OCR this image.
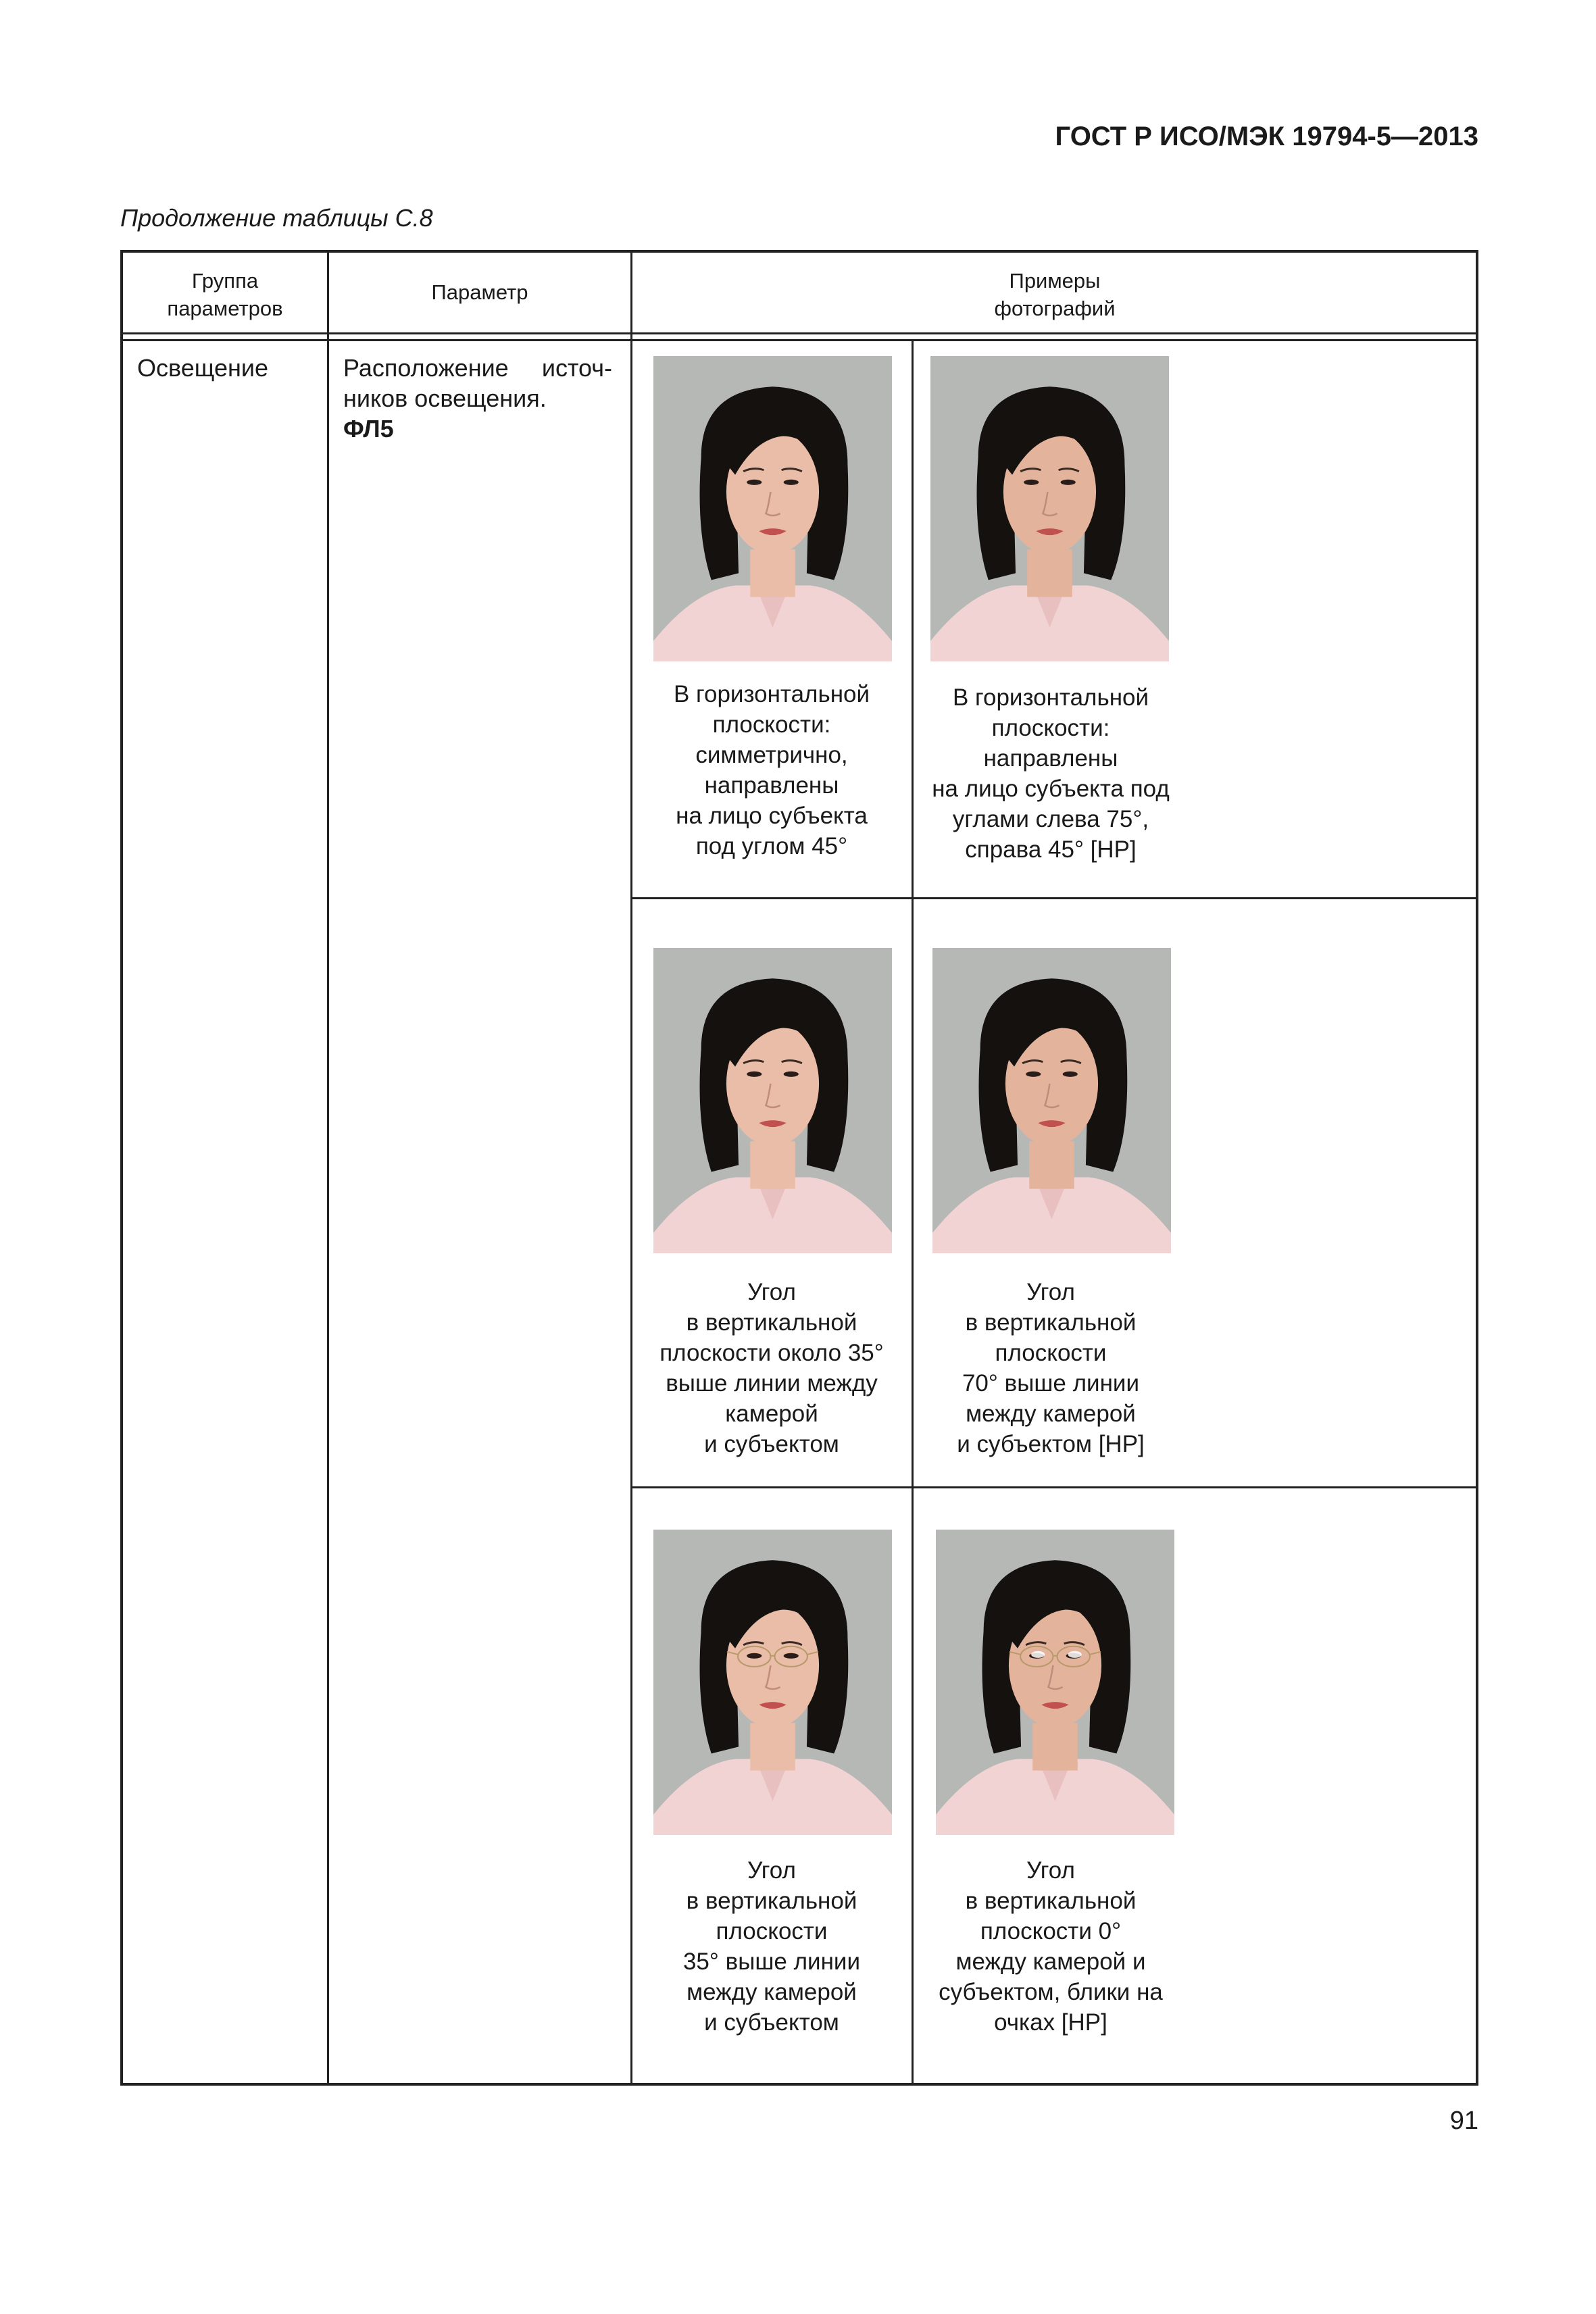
ГОСТ Р ИСО/МЭК 19794-5—2013
Продолжение таблицы С.8
Группа
параметров
Параметр	Примеры
фотографий
Освещение	Расположение источ-ников освещения.
ФЛ5
В горизонтальной
плоскости:
симметрично,
направлены
на лицо субъекта
под углом 45°
В горизонтальной
плоскости:
направлены
на лицо субъекта под
углами слева 75°,
справа 45° [НР]
Угол
в вертикальной
плоскости около 35°
выше линии между
камерой
и субъектом
Угол
в вертикальной
плоскости
70° выше линии
между камерой
и субъектом [НР]
Угол
в вертикальной
плоскости
35° выше линии
между камерой
и субъектом
Угол
в вертикальной
плоскости 0°
между камерой и
субъектом, блики на
очках [НР]
91
